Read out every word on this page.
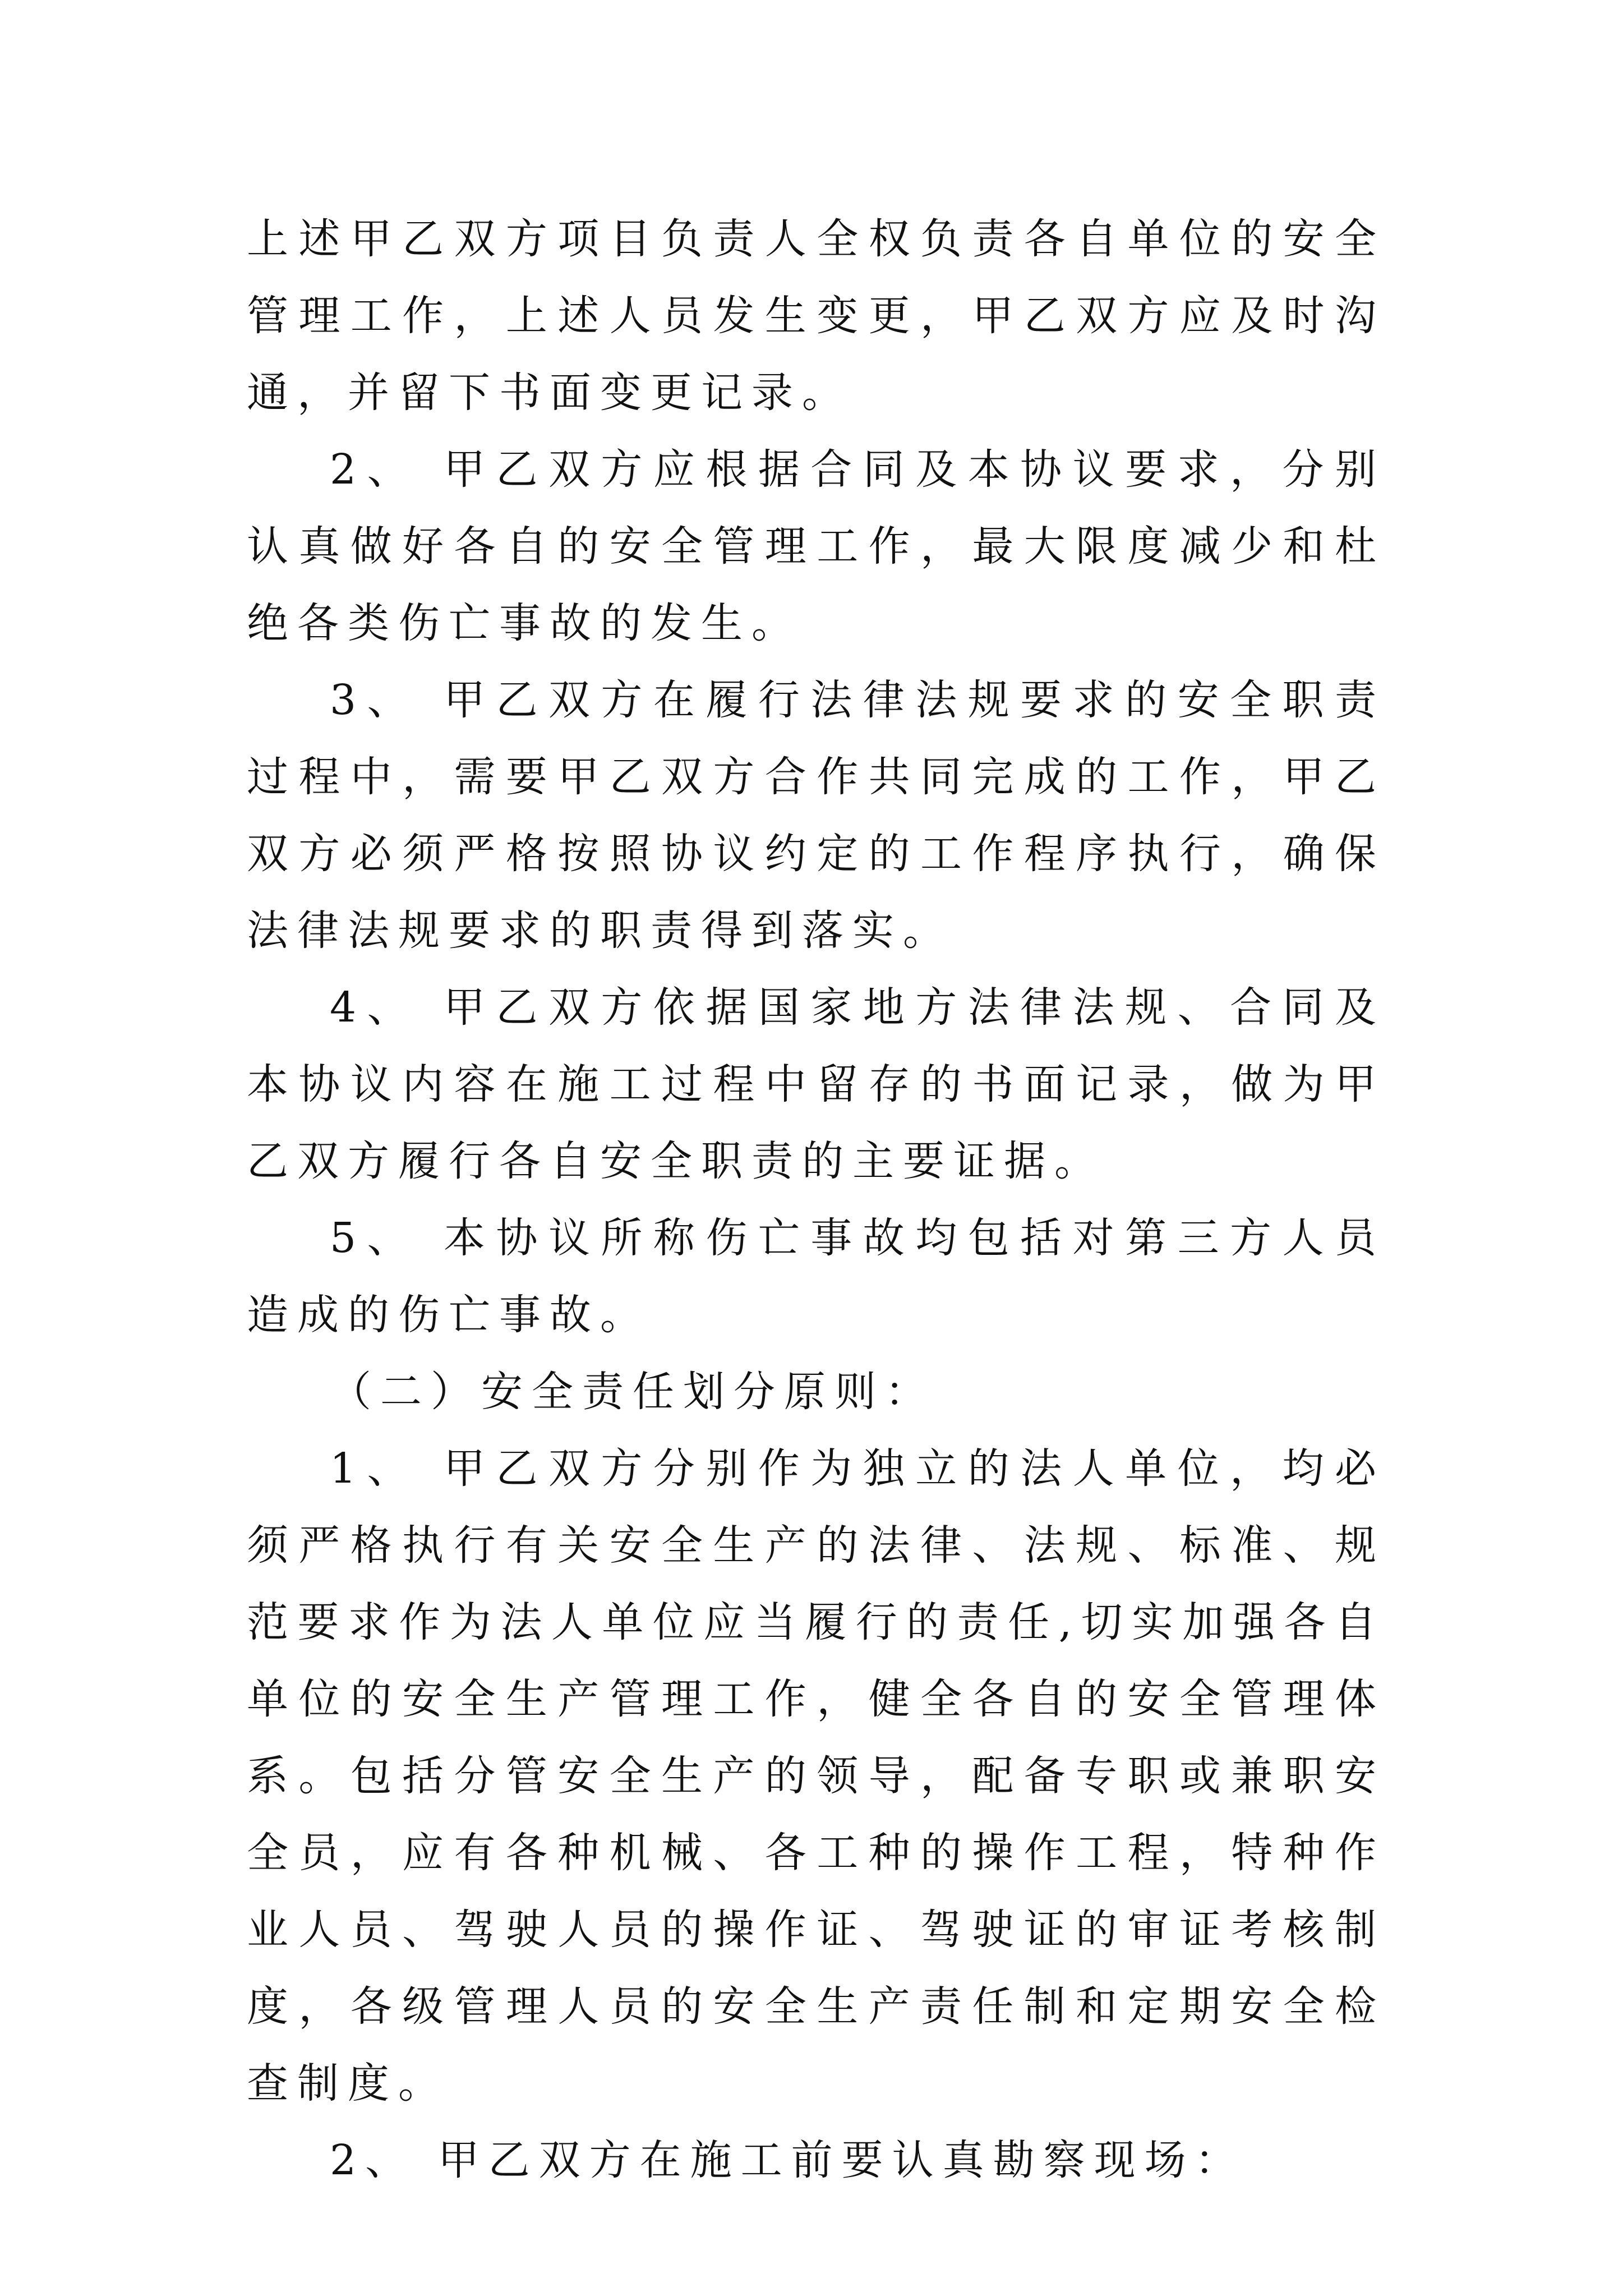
上述甲乙双方项目负责人全权负责各自单位的安全管理工作，上述人员发生变更，甲乙双方应及时沟通，并留下书面变更记录。

2、 甲乙双方应根据合同及本协议要求，分别认真做好各自的安全管理工作，最大限度减少和杜绝各类伤亡事故的发生。

3、 甲乙双方在履行法律法规要求的安全职责过程中，需要甲乙双方合作共同完成的工作，甲乙双方必须严格按照协议约定的工作程序执行，确保法律法规要求的职责得到落实。

4、 甲乙双方依据国家地方法律法规、合同及本协议内容在施工过程中留存的书面记录，做为甲乙双方履行各自安全职责的主要证据。

5、 本协议所称伤亡事故均包括对第三方人员造成的伤亡事故。

（二）安全责任划分原则：

1、 甲乙双方分别作为独立的法人单位，均必须严格执行有关安全生产的法律、法规、标准、规范要求作为法人单位应当履行的责任,切实加强各自单位的安全生产管理工作，健全各自的安全管理体系。包括分管安全生产的领导，配备专职或兼职安全员，应有各种机械、各工种的操作工程，特种作业人员、驾驶人员的操作证、驾驶证的审证考核制度，各级管理人员的安全生产责任制和定期安全检查制度。

2、 甲乙双方在施工前要认真勘察现场：
